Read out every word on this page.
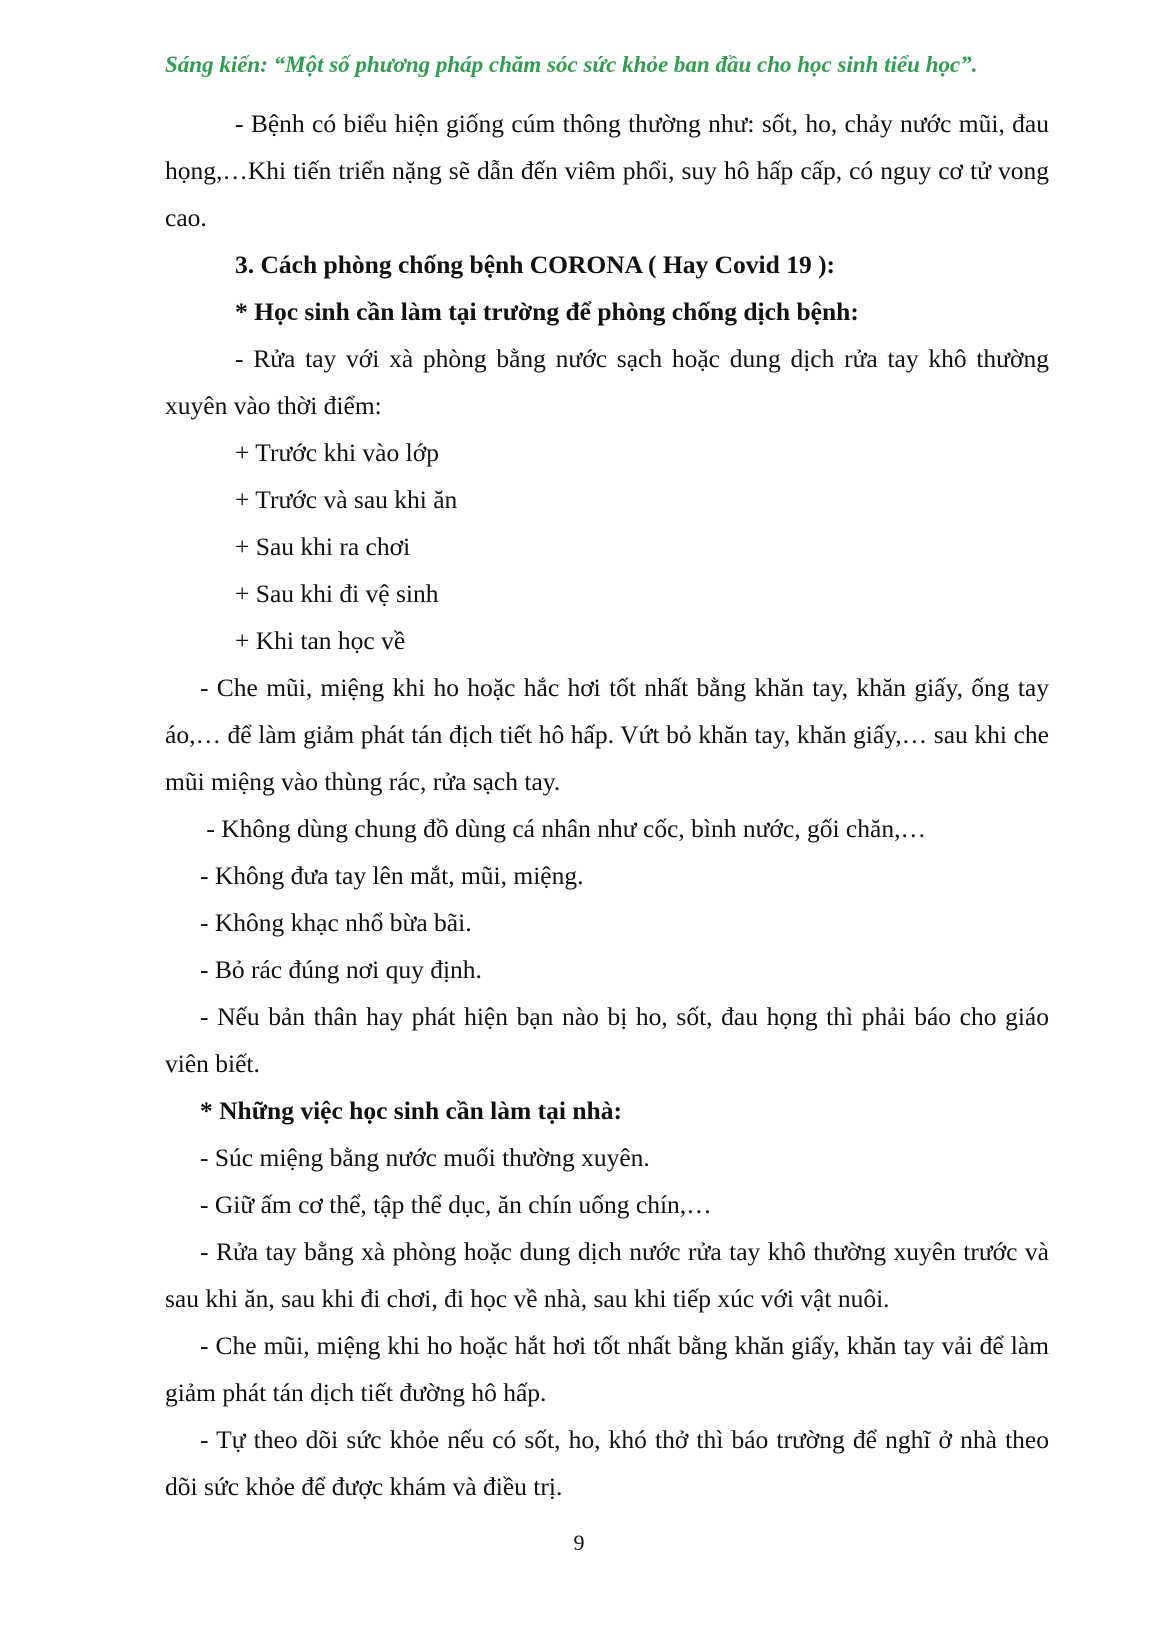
Sáng kiến: “Một số phương pháp chăm sóc sức khỏe ban đầu cho học sinh tiểu học”.

- Bệnh có biểu hiện giống cúm thông thường như: sốt, ho, chảy nước mũi, đau họng,…Khi tiến triển nặng sẽ dẫn đến viêm phổi, suy hô hấp cấp, có nguy cơ tử vong cao.

3. Cách phòng chống bệnh CORONA ( Hay Covid 19 ):

* Học sinh cần làm tại trường để phòng chống dịch bệnh:

- Rửa tay với xà phòng bằng nước sạch hoặc dung dịch rửa tay khô thường xuyên vào thời điểm:

+ Trước khi vào lớp

+ Trước và sau khi ăn

+ Sau khi ra chơi

+ Sau khi đi vệ sinh

+ Khi tan học về

- Che mũi, miệng khi ho hoặc hắc hơi tốt nhất bằng khăn tay, khăn giấy, ống tay áo,… để làm giảm phát tán địch tiết hô hấp. Vứt bỏ khăn tay, khăn giấy,… sau khi che mũi miệng vào thùng rác, rửa sạch tay.

- Không dùng chung đồ dùng cá nhân như cốc, bình nước, gối chăn,…

- Không đưa tay lên mắt, mũi, miệng.

- Không khạc nhổ bừa bãi.

- Bỏ rác đúng nơi quy định.

- Nếu bản thân hay phát hiện bạn nào bị ho, sốt, đau họng thì phải báo cho giáo viên biết.

* Những việc học sinh cần làm tại nhà:

- Súc miệng bằng nước muối thường xuyên.

- Giữ ấm cơ thể, tập thể dục, ăn chín uống chín,…

- Rửa tay bằng xà phòng hoặc dung dịch nước rửa tay khô thường xuyên trước và sau khi ăn, sau khi đi chơi, đi học về nhà, sau khi tiếp xúc với vật nuôi.

- Che mũi, miệng khi ho hoặc hắt hơi tốt nhất bằng khăn giấy, khăn tay vải để làm giảm phát tán dịch tiết đường hô hấp.

- Tự theo dõi sức khỏe nếu có sốt, ho, khó thở thì báo trường để nghĩ ở nhà theo dõi sức khỏe để được khám và điều trị.

9
